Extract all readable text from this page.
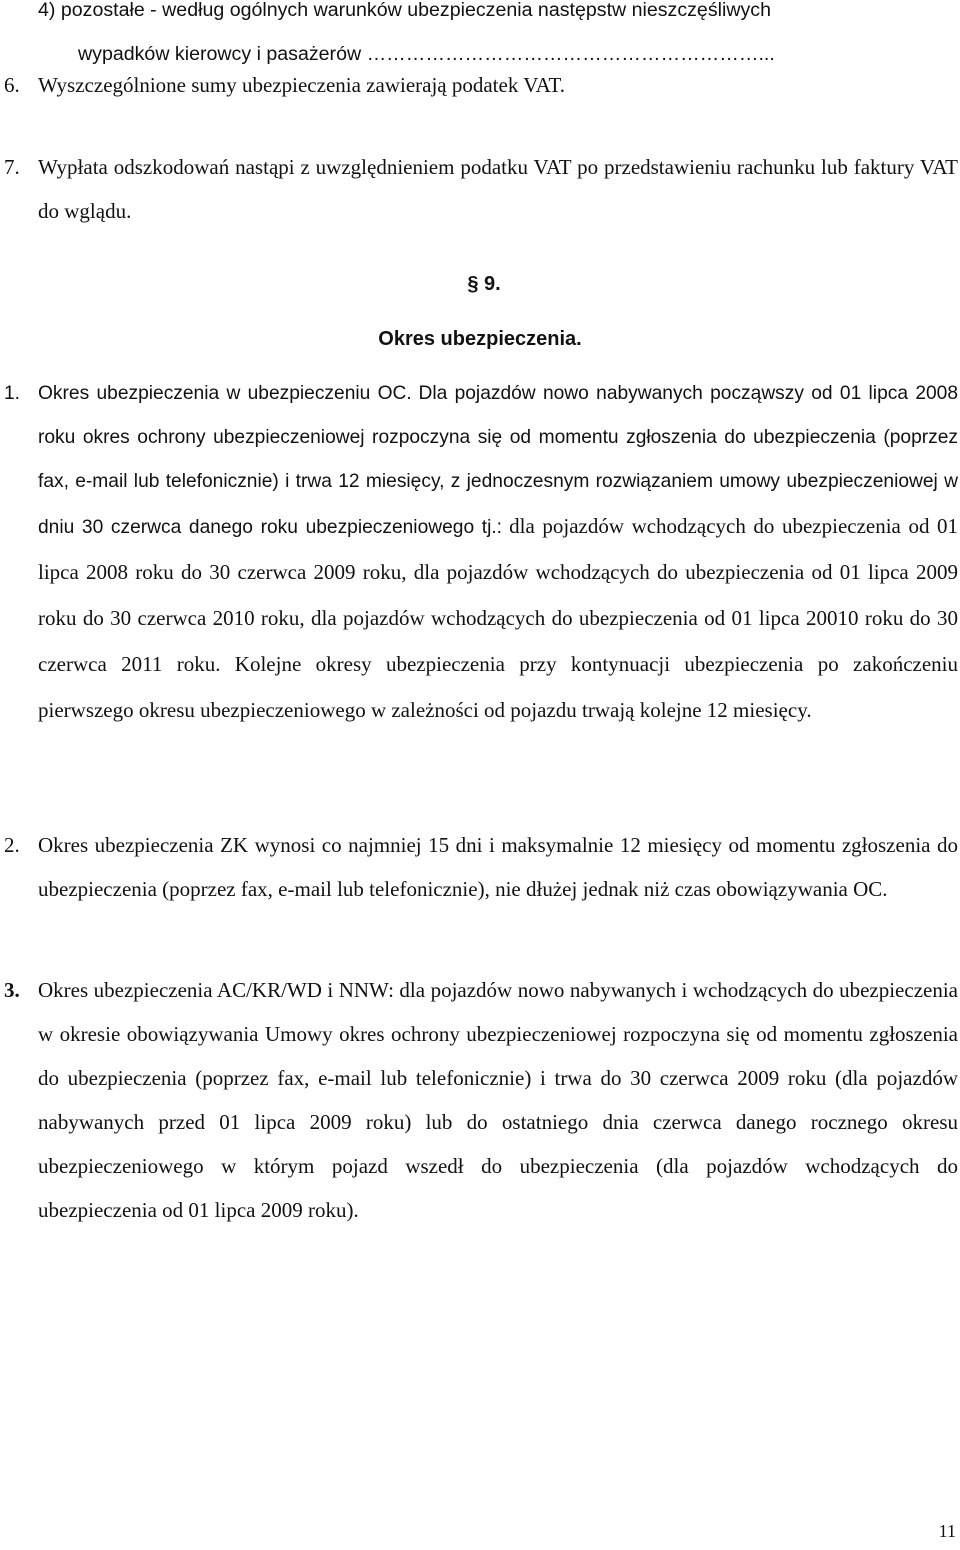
4) pozostałe - według ogólnych warunków ubezpieczenia następstw nieszczęśliwych
wypadków kierowcy i pasażerów ……………………………………………………...
6. Wyszczególnione sumy ubezpieczenia zawierają podatek VAT.
7. Wypłata odszkodowań nastąpi z uwzględnieniem podatku VAT po przedstawieniu rachunku lub faktury VAT do wglądu.
§ 9.
Okres ubezpieczenia.
1. Okres ubezpieczenia w ubezpieczeniu OC. Dla pojazdów nowo nabywanych począwszy od 01 lipca 2008 roku okres ochrony ubezpieczeniowej rozpoczyna się od momentu zgłoszenia do ubezpieczenia (poprzez fax, e-mail lub telefonicznie) i trwa 12 miesięcy, z jednoczesnym rozwiązaniem umowy ubezpieczeniowej w dniu 30 czerwca danego roku ubezpieczeniowego tj.: dla pojazdów wchodzących do ubezpieczenia od 01 lipca 2008 roku do 30 czerwca 2009 roku, dla pojazdów wchodzących do ubezpieczenia od 01 lipca 2009 roku do 30 czerwca 2010 roku, dla pojazdów wchodzących do ubezpieczenia od 01 lipca 20010 roku do 30 czerwca 2011 roku. Kolejne okresy ubezpieczenia przy kontynuacji ubezpieczenia po zakończeniu pierwszego okresu ubezpieczeniowego w zależności od pojazdu trwają kolejne 12 miesięcy.
2. Okres ubezpieczenia ZK wynosi co najmniej 15 dni i maksymalnie 12 miesięcy od momentu zgłoszenia do ubezpieczenia (poprzez fax, e-mail lub telefonicznie), nie dłużej jednak niż czas obowiązywania OC.
3. Okres ubezpieczenia AC/KR/WD i NNW: dla pojazdów nowo nabywanych i wchodzących do ubezpieczenia w okresie obowiązywania Umowy okres ochrony ubezpieczeniowej rozpoczyna się od momentu zgłoszenia do ubezpieczenia (poprzez fax, e-mail lub telefonicznie) i trwa do 30 czerwca 2009 roku (dla pojazdów nabywanych przed 01 lipca 2009 roku) lub do ostatniego dnia czerwca danego rocznego okresu ubezpieczeniowego w którym pojazd wszedł do ubezpieczenia (dla pojazdów wchodzących do ubezpieczenia od 01 lipca 2009 roku).
11
